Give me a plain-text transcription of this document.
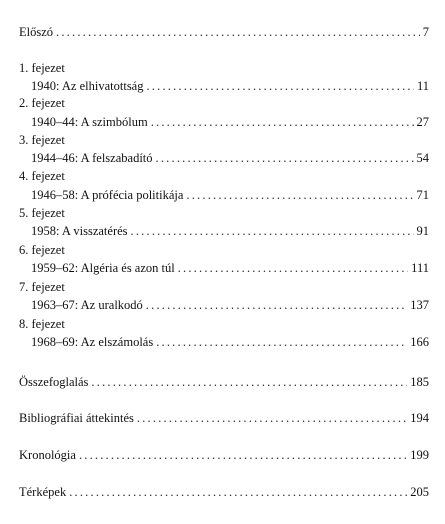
Előszó .....	7
1. fejezet
1940: Az elhivatottság .....	11
2. fejezet
1940–44: A szimbólum .....	27
3. fejezet
1944–46: A felszabadító .....	54
4. fejezet
1946–58: A prófécia politikája .....	71
5. fejezet
1958: A visszatérés .....	91
6. fejezet
1959–62: Algéria és azon túl .....	111
7. fejezet
1963–67: Az uralkodó .....	137
8. fejezet
1968–69: Az elszámolás .....	166
Összefoglalás .....	185
Bibliográfiai áttekintés .....	194
Kronológia .....	199
Térképek .....	205
